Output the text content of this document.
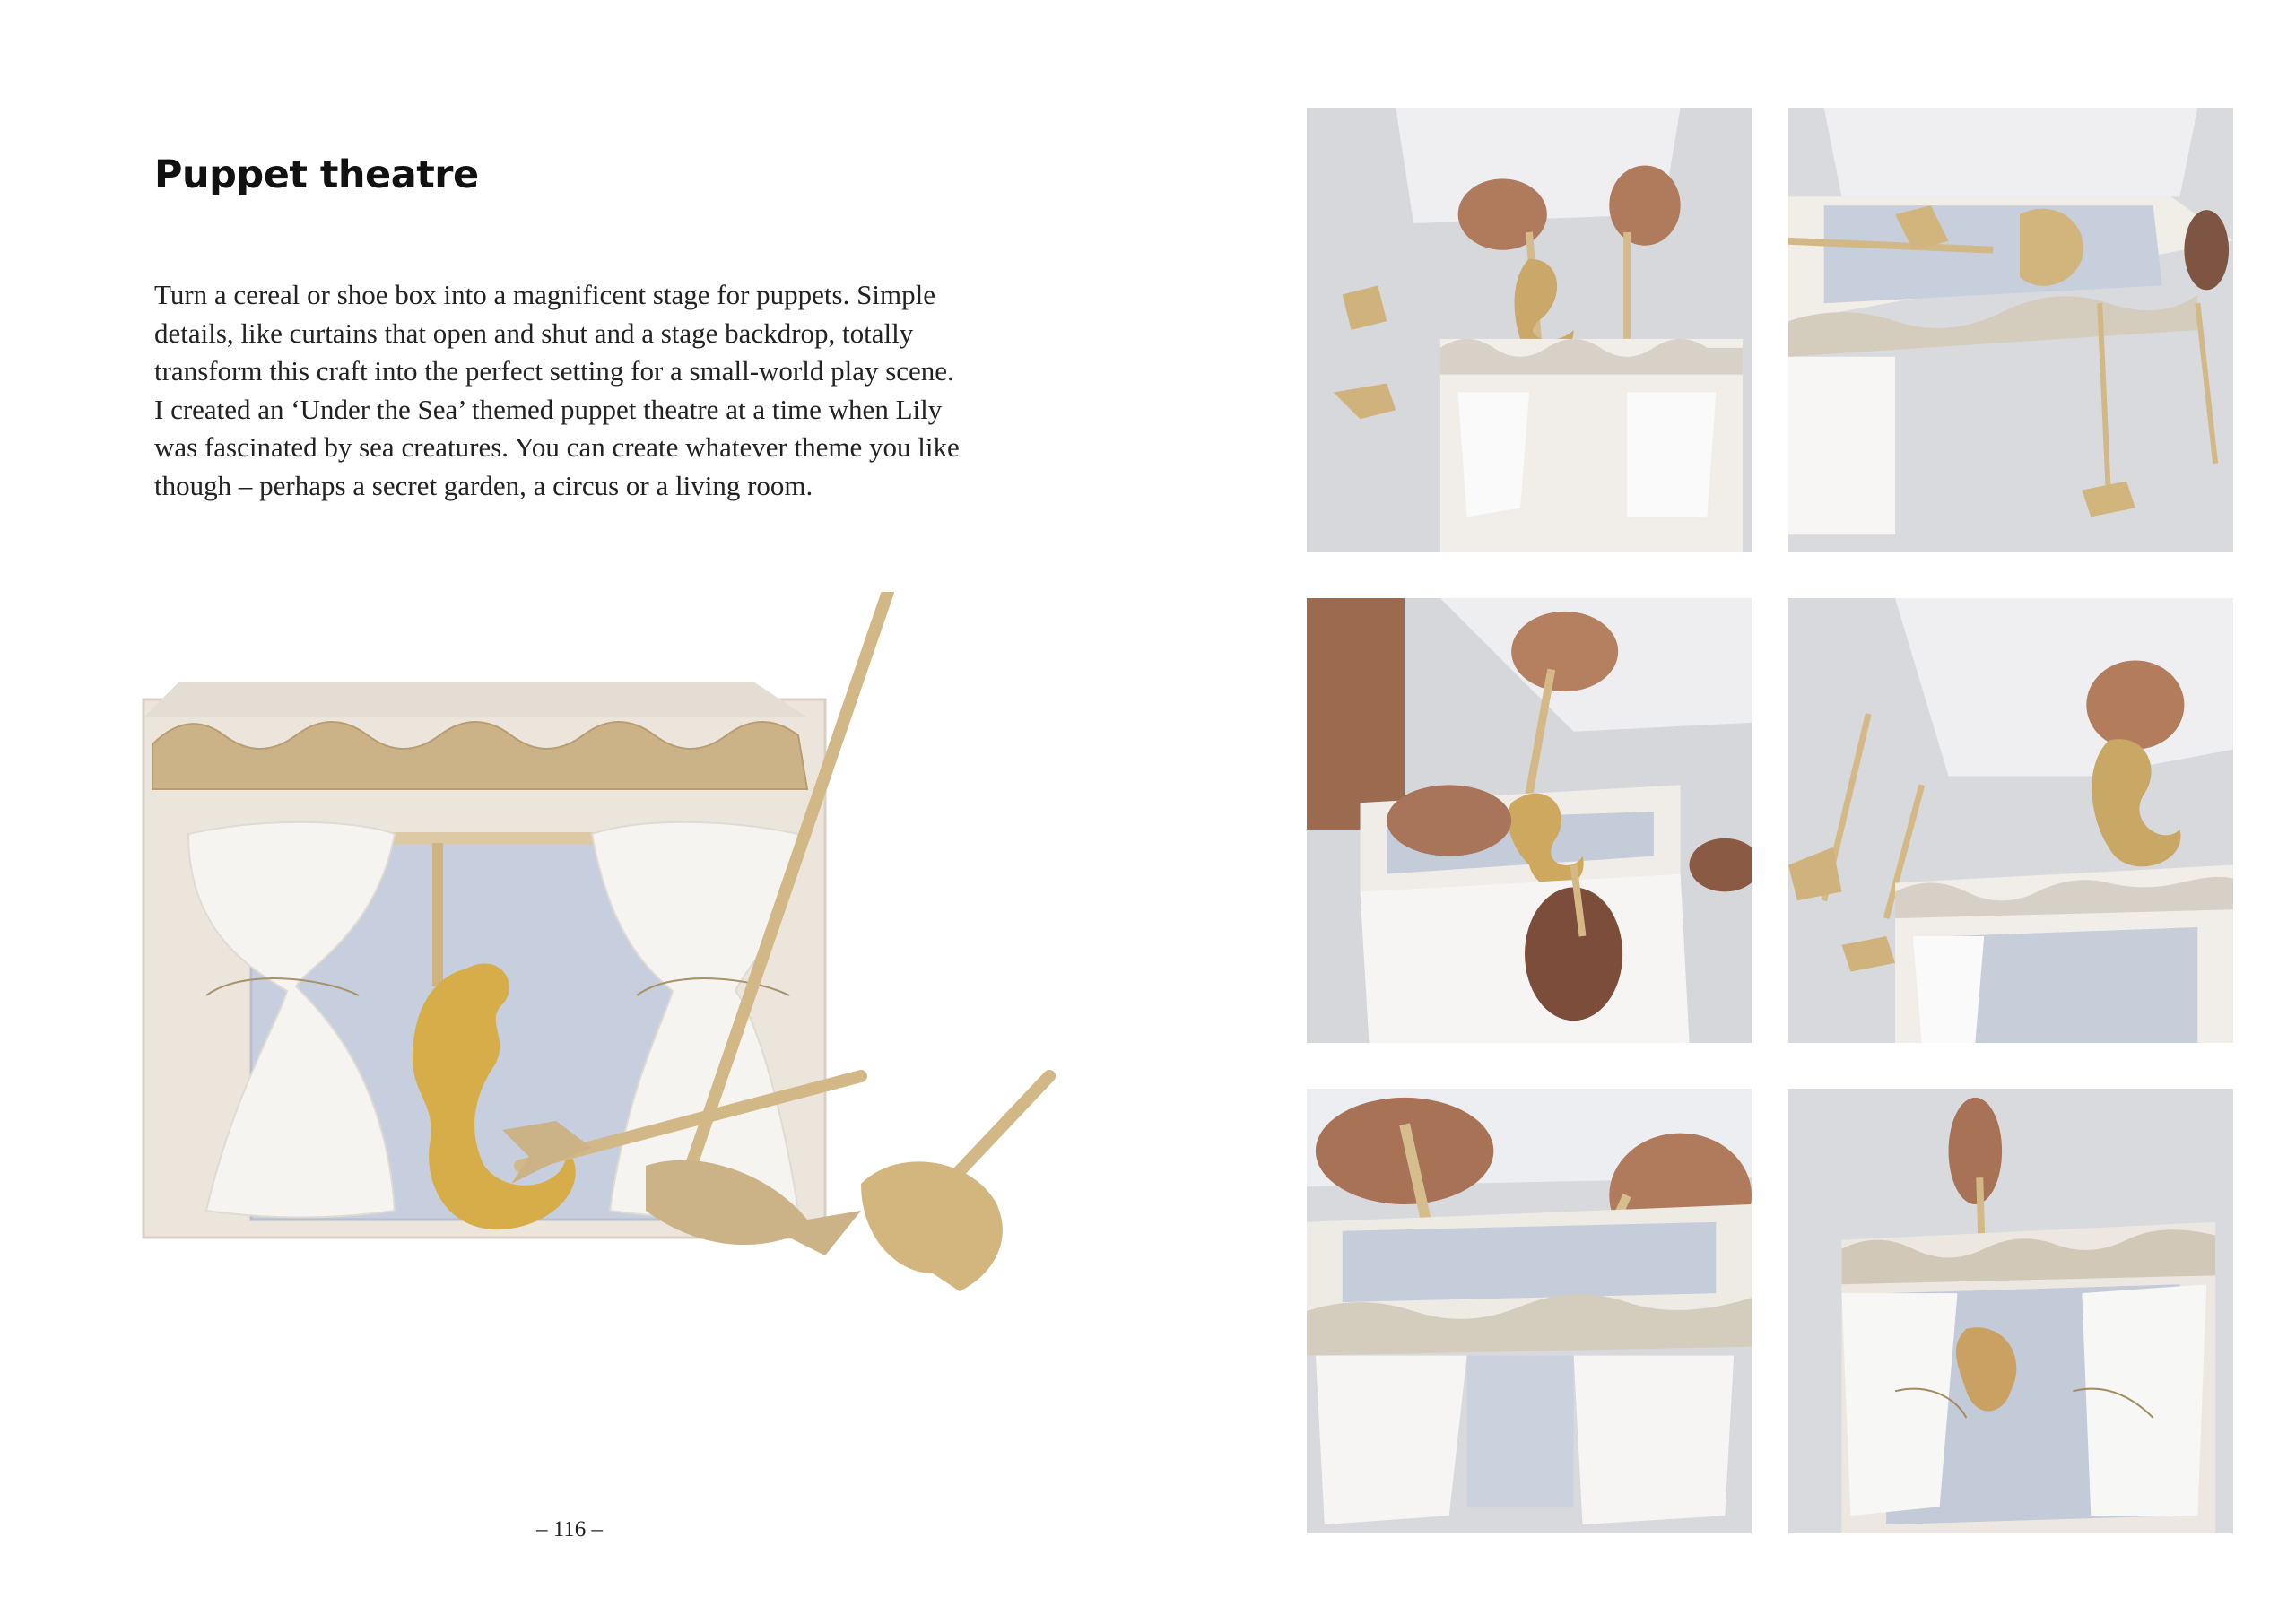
Puppet theatre

Turn a cereal or shoe box into a magnificent stage for puppets. Simple

details, like curtains that open and shut and a stage backdrop, totally

transform this craft into the perfect setting for a small-world play scene.

I created an ‘Under the Sea’ themed puppet theatre at a time when Lily

was fascinated by sea creatures. You can create whatever theme you like

though – perhaps a secret garden, a circus or a living room.

– 116 –
